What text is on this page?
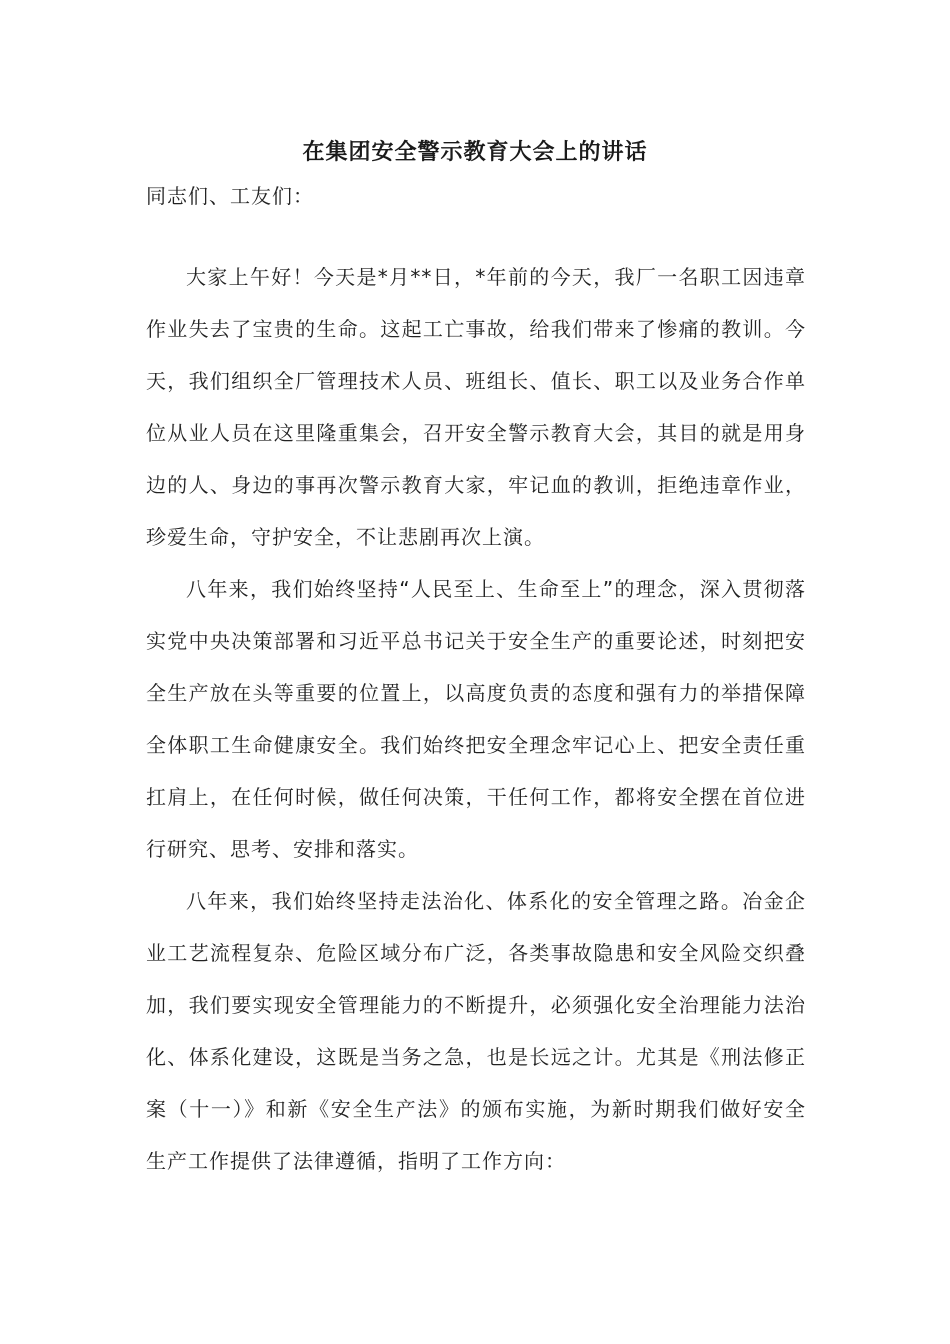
在集团安全警示教育大会上的讲话
同志们、工友们：

大家上午好！今天是*月**日，*年前的今天，我厂一名职工因违章作业失去了宝贵的生命。这起工亡事故，给我们带来了惨痛的教训。今天，我们组织全厂管理技术人员、班组长、值长、职工以及业务合作单位从业人员在这里隆重集会，召开安全警示教育大会，其目的就是用身边的人、身边的事再次警示教育大家，牢记血的教训，拒绝违章作业，珍爱生命，守护安全，不让悲剧再次上演。

八年来，我们始终坚持“人民至上、生命至上”的理念，深入贯彻落实党中央决策部署和习近平总书记关于安全生产的重要论述，时刻把安全生产放在头等重要的位置上，以高度负责的态度和强有力的举措保障全体职工生命健康安全。我们始终把安全理念牢记心上、把安全责任重扛肩上，在任何时候，做任何决策，干任何工作，都将安全摆在首位进行研究、思考、安排和落实。

八年来，我们始终坚持走法治化、体系化的安全管理之路。冶金企业工艺流程复杂、危险区域分布广泛，各类事故隐患和安全风险交织叠加，我们要实现安全管理能力的不断提升，必须强化安全治理能力法治化、体系化建设，这既是当务之急，也是长远之计。尤其是《刑法修正案（十一）》和新《安全生产法》的颁布实施，为新时期我们做好安全生产工作提供了法律遵循，指明了工作方向：
